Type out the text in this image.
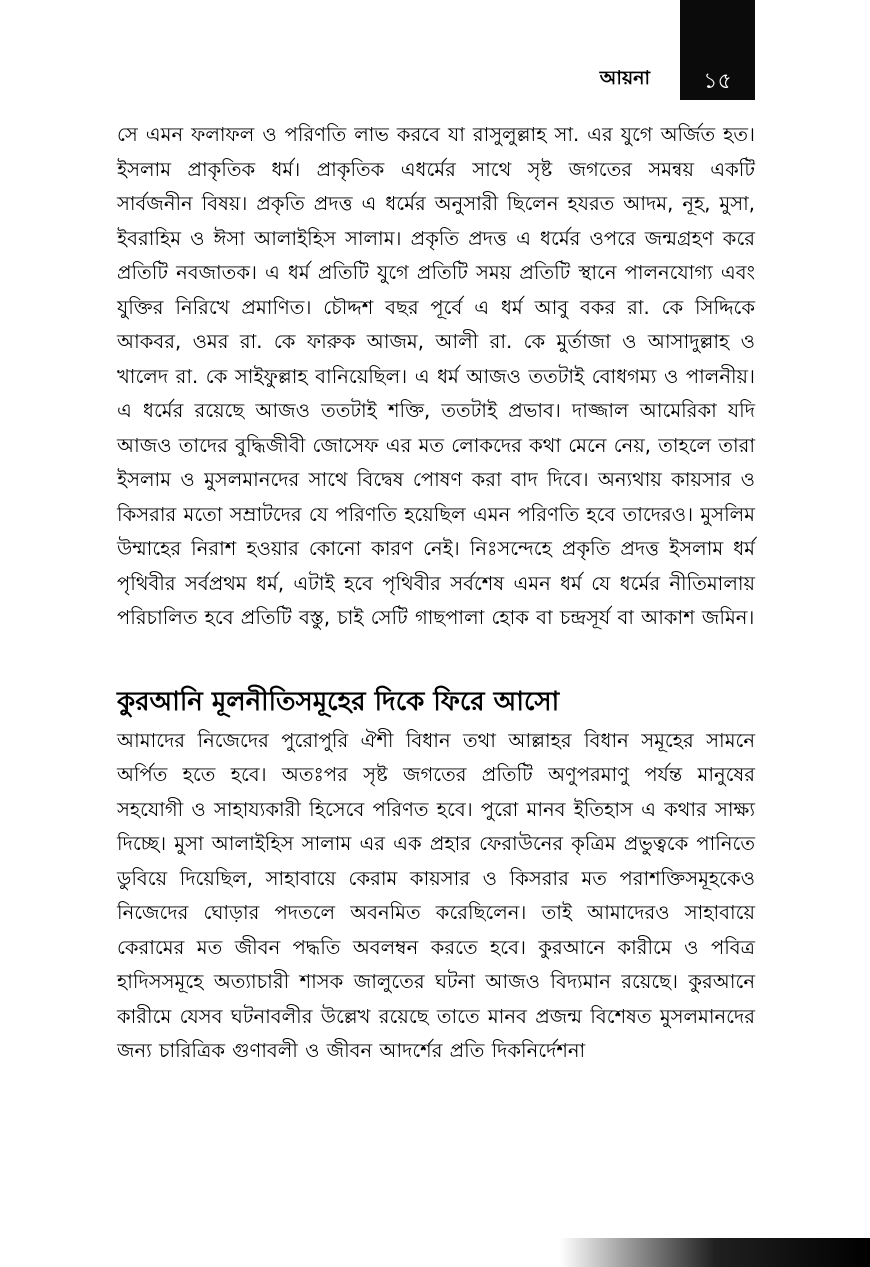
আয়না	১৫

সে এমন ফলাফল ও পরিণতি লাভ করবে যা রাসুলুল্লাহ সা. এর যুগে অর্জিত হত। ইসলাম প্রাকৃতিক ধর্ম। প্রাকৃতিক এধর্মের সাথে সৃষ্ট জগতের সমন্বয় একটি সার্বজনীন বিষয়। প্রকৃতি প্রদত্ত এ ধর্মের অনুসারী ছিলেন হযরত আদম, নূহ, মুসা, ইবরাহিম ও ঈসা আলাইহিস সালাম। প্রকৃতি প্রদত্ত এ ধর্মের ওপরে জন্মগ্রহণ করে প্রতিটি নবজাতক। এ ধর্ম প্রতিটি যুগে প্রতিটি সময় প্রতিটি স্থানে পালনযোগ্য এবং যুক্তির নিরিখে প্রমাণিত। চৌদ্দশ বছর পূর্বে এ ধর্ম আবু বকর রা. কে সিদ্দিকে আকবর, ওমর রা. কে ফারুক আজম, আলী রা. কে মুর্তাজা ও আসাদুল্লাহ ও খালেদ রা. কে সাইফুল্লাহ বানিয়েছিল। এ ধর্ম আজও ততটাই বোধগম্য ও পালনীয়। এ ধর্মের রয়েছে আজও ততটাই শক্তি, ততটাই প্রভাব। দাজ্জাল আমেরিকা যদি আজও তাদের বুদ্ধিজীবী জোসেফ এর মত লোকদের কথা মেনে নেয়, তাহলে তারা ইসলাম ও মুসলমানদের সাথে বিদ্বেষ পোষণ করা বাদ দিবে। অন্যথায় কায়সার ও কিসরার মতো সম্রাটদের যে পরিণতি হয়েছিল এমন পরিণতি হবে তাদেরও। মুসলিম উম্মাহের নিরাশ হওয়ার কোনো কারণ নেই। নিঃসন্দেহে প্রকৃতি প্রদত্ত ইসলাম ধর্ম পৃথিবীর সর্বপ্রথম ধর্ম, এটাই হবে পৃথিবীর সর্বশেষ এমন ধর্ম যে ধর্মের নীতিমালায় পরিচালিত হবে প্রতিটি বস্তু, চাই সেটি গাছপালা হোক বা চন্দ্রসূর্য বা আকাশ জমিন।

কুরআনি মূলনীতিসমূহের দিকে ফিরে আসো

আমাদের নিজেদের পুরোপুরি ঐশী বিধান তথা আল্লাহর বিধান সমূহের সামনে অর্পিত হতে হবে। অতঃপর সৃষ্ট জগতের প্রতিটি অণুপরমাণু পর্যন্ত মানুষের সহযোগী ও সাহায্যকারী হিসেবে পরিণত হবে। পুরো মানব ইতিহাস এ কথার সাক্ষ্য দিচ্ছে। মুসা আলাইহিস সালাম এর এক প্রহার ফেরাউনের কৃত্রিম প্রভুত্বকে পানিতে ডুবিয়ে দিয়েছিল, সাহাবায়ে কেরাম কায়সার ও কিসরার মত পরাশক্তিসমূহকেও নিজেদের ঘোড়ার পদতলে অবনমিত করেছিলেন। তাই আমাদেরও সাহাবায়ে কেরামের মত জীবন পদ্ধতি অবলম্বন করতে হবে। কুরআনে কারীমে ও পবিত্র হাদিসসমূহে অত্যাচারী শাসক জালুতের ঘটনা আজও বিদ্যমান রয়েছে। কুরআনে কারীমে যেসব ঘটনাবলীর উল্লেখ রয়েছে তাতে মানব প্রজন্ম বিশেষত মুসলমানদের জন্য চারিত্রিক গুণাবলী ও জীবন আদর্শের প্রতি দিকনির্দেশনা
